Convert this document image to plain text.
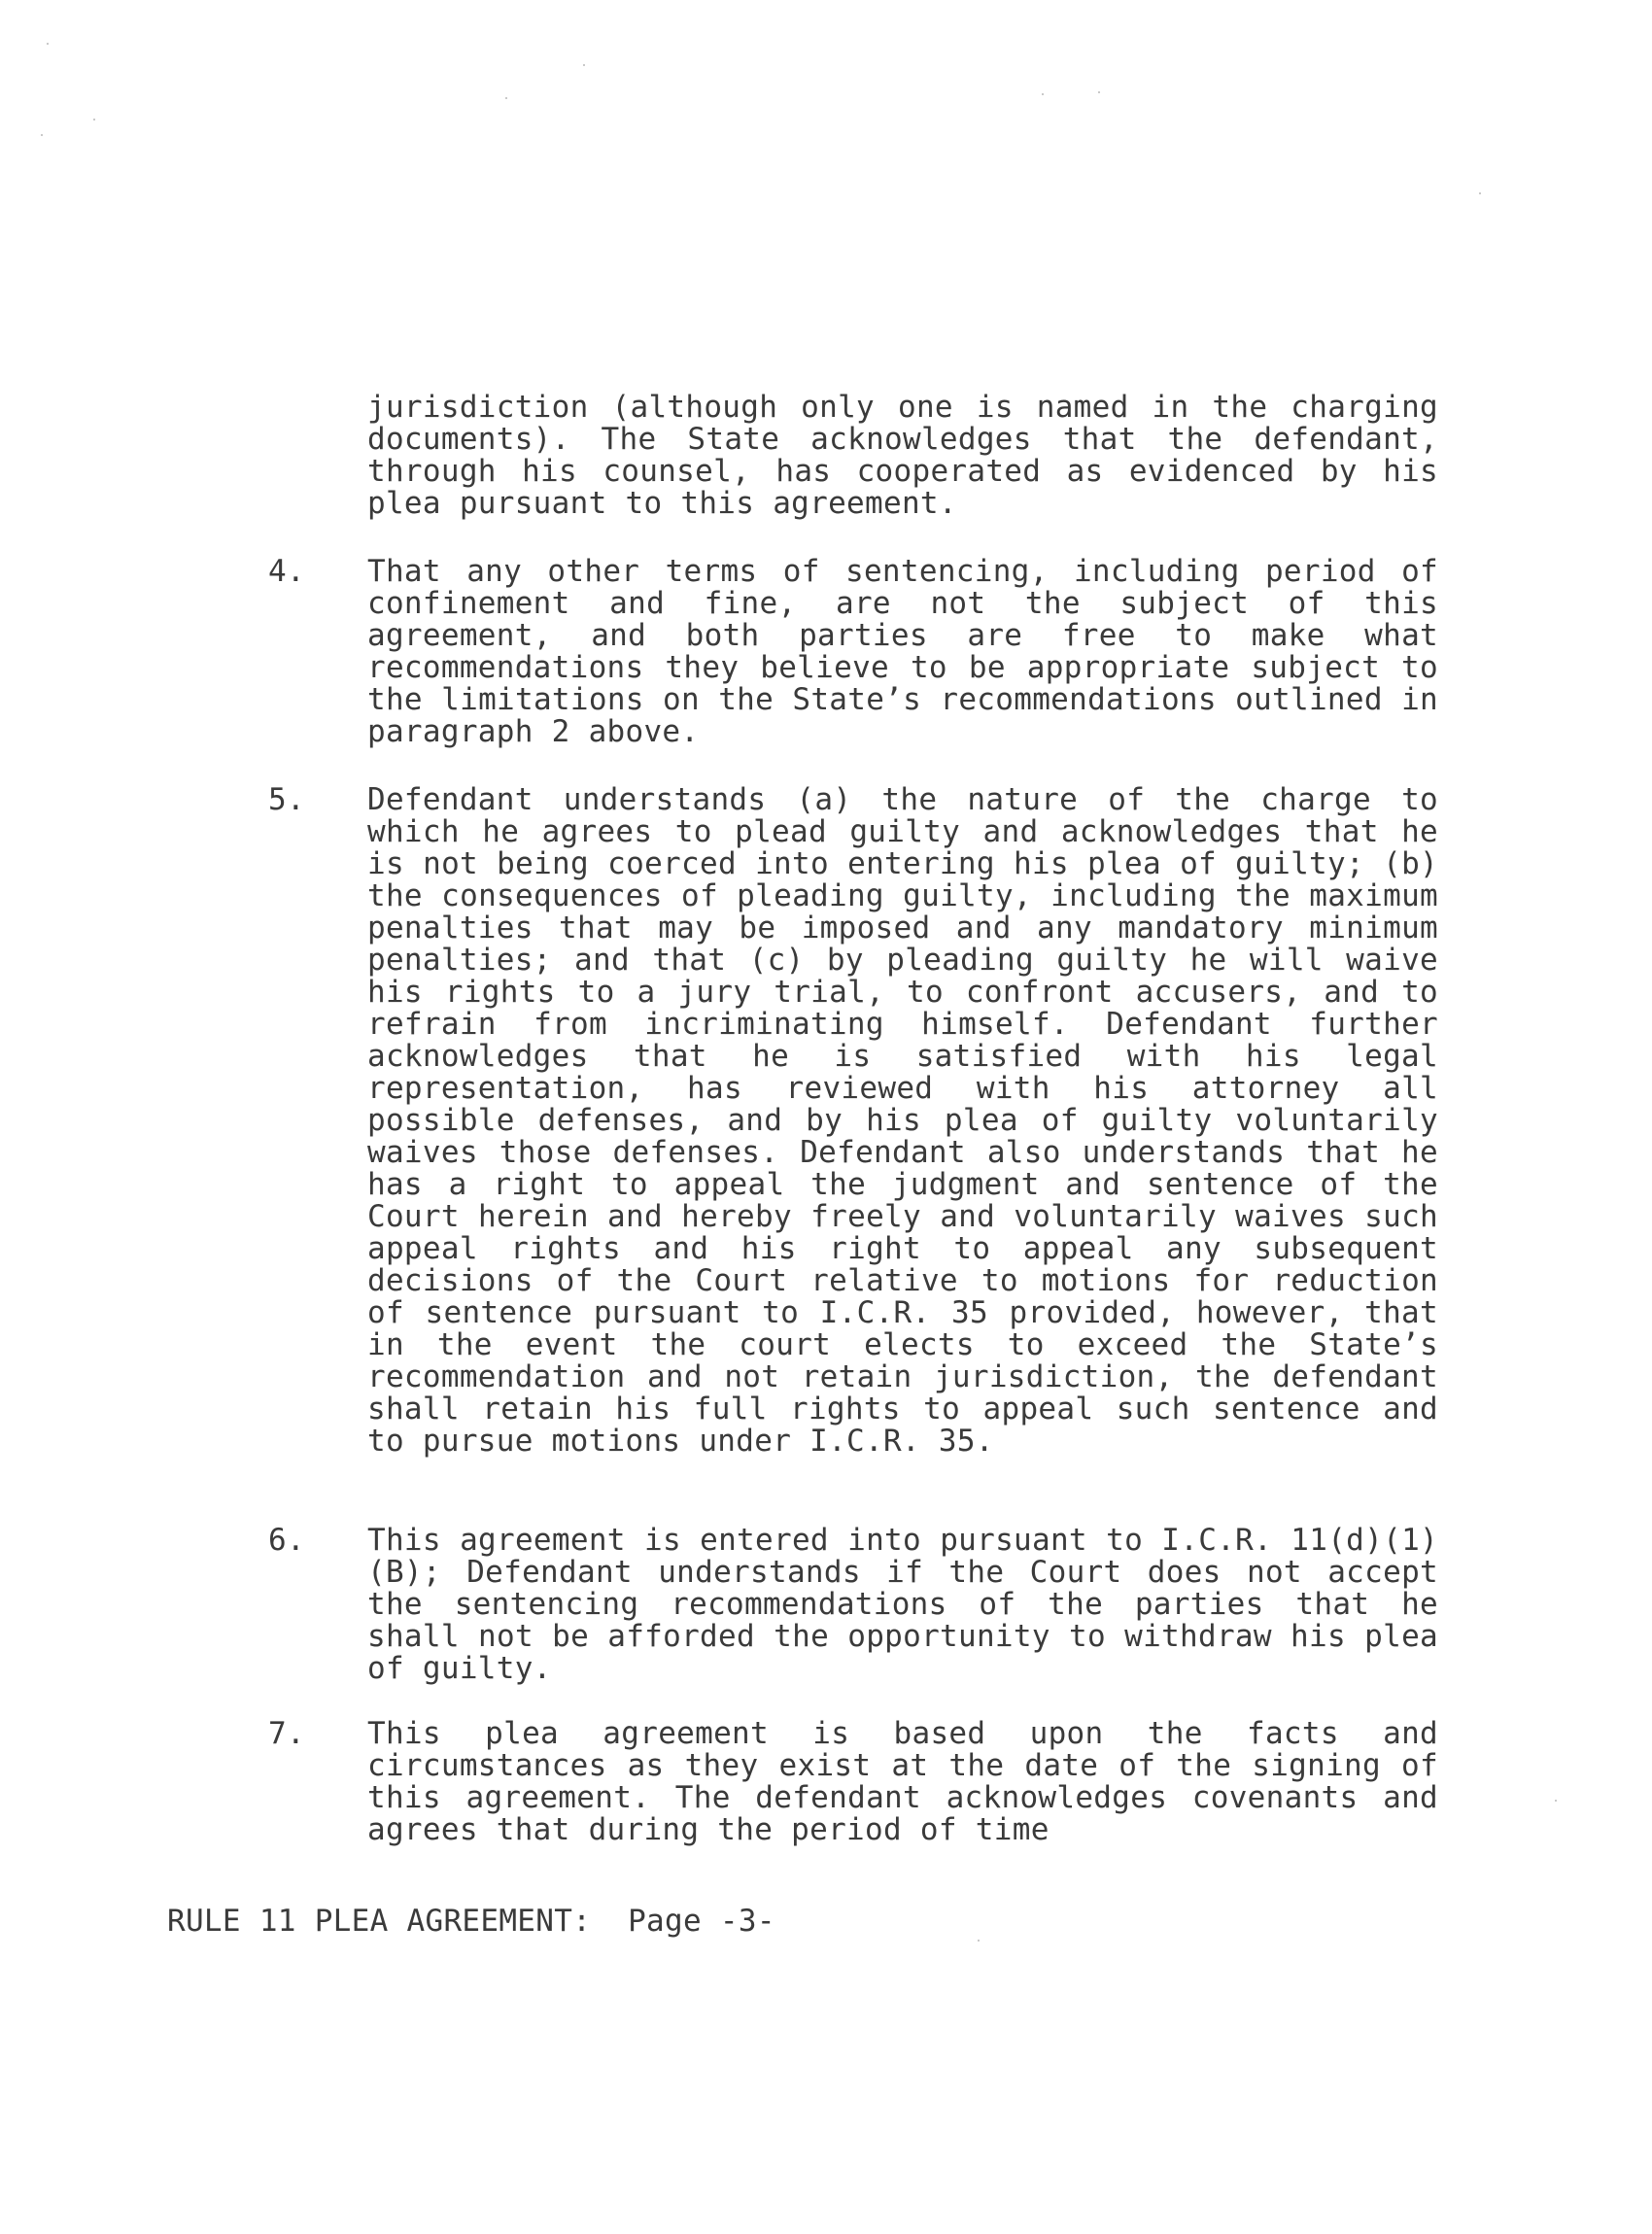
jurisdiction (although only one is named in the charging documents). The State acknowledges that the defendant, through his counsel, has cooperated as evidenced by his plea pursuant to this agreement.
4. That any other terms of sentencing, including period of confinement and fine, are not the subject of this agreement, and both parties are free to make what recommendations they believe to be appropriate subject to the limitations on the State’s recommendations outlined in paragraph 2 above.
5. Defendant understands (a) the nature of the charge to which he agrees to plead guilty and acknowledges that he is not being coerced into entering his plea of guilty; (b) the consequences of pleading guilty, including the maximum penalties that may be imposed and any mandatory minimum penalties; and that (c) by pleading guilty he will waive his rights to a jury trial, to confront accusers, and to refrain from incriminating himself. Defendant further acknowledges that he is satisfied with his legal representation, has reviewed with his attorney all possible defenses, and by his plea of guilty voluntarily waives those defenses. Defendant also understands that he has a right to appeal the judgment and sentence of the Court herein and hereby freely and voluntarily waives such appeal rights and his right to appeal any subsequent decisions of the Court relative to motions for reduction of sentence pursuant to I.C.R. 35 provided, however, that in the event the court elects to exceed the State’s recommendation and not retain jurisdiction, the defendant shall retain his full rights to appeal such sentence and to pursue motions under I.C.R. 35.
6. This agreement is entered into pursuant to I.C.R. 11(d)(1)(B); Defendant understands if the Court does not accept the sentencing recommendations of the parties that he shall not be afforded the opportunity to withdraw his plea of guilty.
7. This plea agreement is based upon the facts and circumstances as they exist at the date of the signing of this agreement. The defendant acknowledges covenants and agrees that during the period of time
RULE 11 PLEA AGREEMENT:  Page -3-
